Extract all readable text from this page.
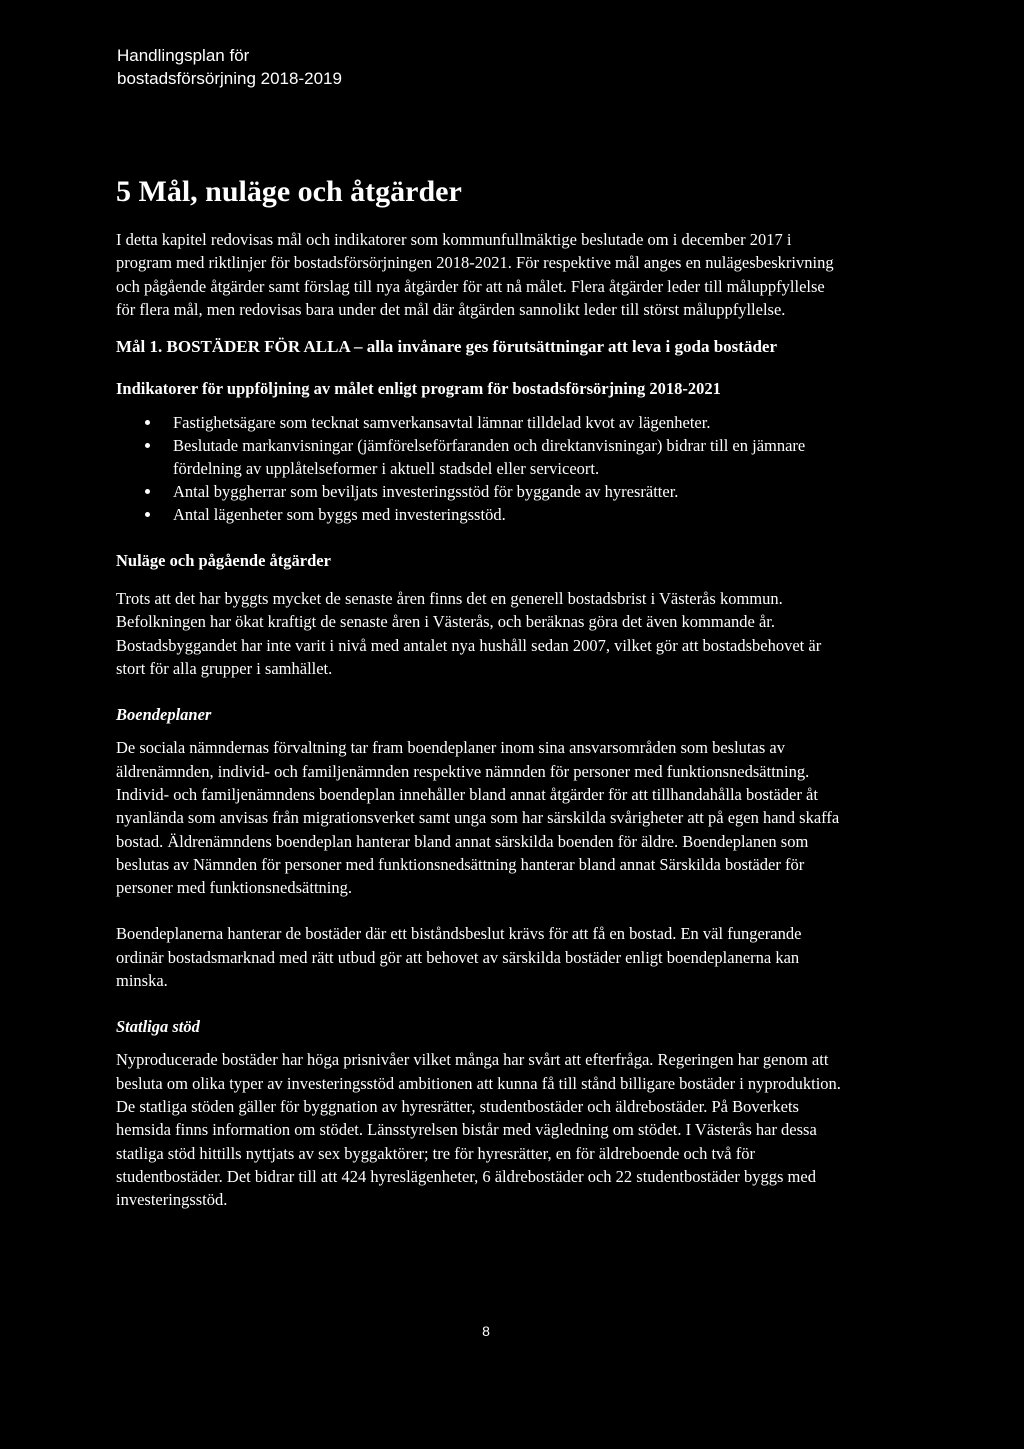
Handlingsplan för
bostadsförsörjning 2018-2019
5 Mål, nuläge och åtgärder

I detta kapitel redovisas mål och indikatorer som kommunfullmäktige beslutade om i december 2017 i program med riktlinjer för bostadsförsörjningen 2018-2021. För respektive mål anges en nulägesbeskrivning och pågående åtgärder samt förslag till nya åtgärder för att nå målet. Flera åtgärder leder till måluppfyllelse för flera mål, men redovisas bara under det mål där åtgärden sannolikt leder till störst måluppfyllelse.

Mål 1. BOSTÄDER FÖR ALLA – alla invånare ges förutsättningar att leva i goda bostäder
Indikatorer för uppföljning av målet enligt program för bostadsförsörjning 2018-2021
Fastighetsägare som tecknat samverkansavtal lämnar tilldelad kvot av lägenheter.
Beslutade markanvisningar (jämförelseförfaranden och direktanvisningar) bidrar till en jämnare fördelning av upplåtelseformer i aktuell stadsdel eller serviceort.
Antal byggherrar som beviljats investeringsstöd för byggande av hyresrätter.
Antal lägenheter som byggs med investeringsstöd.
Nuläge och pågående åtgärder

Trots att det har byggts mycket de senaste åren finns det en generell bostadsbrist i Västerås kommun. Befolkningen har ökat kraftigt de senaste åren i Västerås, och beräknas göra det även kommande år. Bostadsbyggandet har inte varit i nivå med antalet nya hushåll sedan 2007, vilket gör att bostadsbehovet är stort för alla grupper i samhället.

Boendeplaner

De sociala nämndernas förvaltning tar fram boendeplaner inom sina ansvarsområden som beslutas av äldrenämnden, individ- och familjenämnden respektive nämnden för personer med funktionsnedsättning. Individ- och familjenämndens boendeplan innehåller bland annat åtgärder för att tillhandahålla bostäder åt nyanlända som anvisas från migrationsverket samt unga som har särskilda svårigheter att på egen hand skaffa bostad. Äldrenämndens boendeplan hanterar bland annat särskilda boenden för äldre. Boendeplanen som beslutas av Nämnden för personer med funktionsnedsättning hanterar bland annat Särskilda bostäder för personer med funktionsnedsättning.

Boendeplanerna hanterar de bostäder där ett biståndsbeslut krävs för att få en bostad. En väl fungerande ordinär bostadsmarknad med rätt utbud gör att behovet av särskilda bostäder enligt boendeplanerna kan minska.

Statliga stöd

Nyproducerade bostäder har höga prisnivåer vilket många har svårt att efterfråga. Regeringen har genom att besluta om olika typer av investeringsstöd ambitionen att kunna få till stånd billigare bostäder i nyproduktion. De statliga stöden gäller för byggnation av hyresrätter, studentbostäder och äldrebostäder. På Boverkets hemsida finns information om stödet. Länsstyrelsen bistår med vägledning om stödet. I Västerås har dessa statliga stöd hittills nyttjats av sex byggaktörer; tre för hyresrätter, en för äldreboende och två för studentbostäder. Det bidrar till att 424 hyreslägenheter, 6 äldrebostäder och 22 studentbostäder byggs med investeringsstöd.

8
